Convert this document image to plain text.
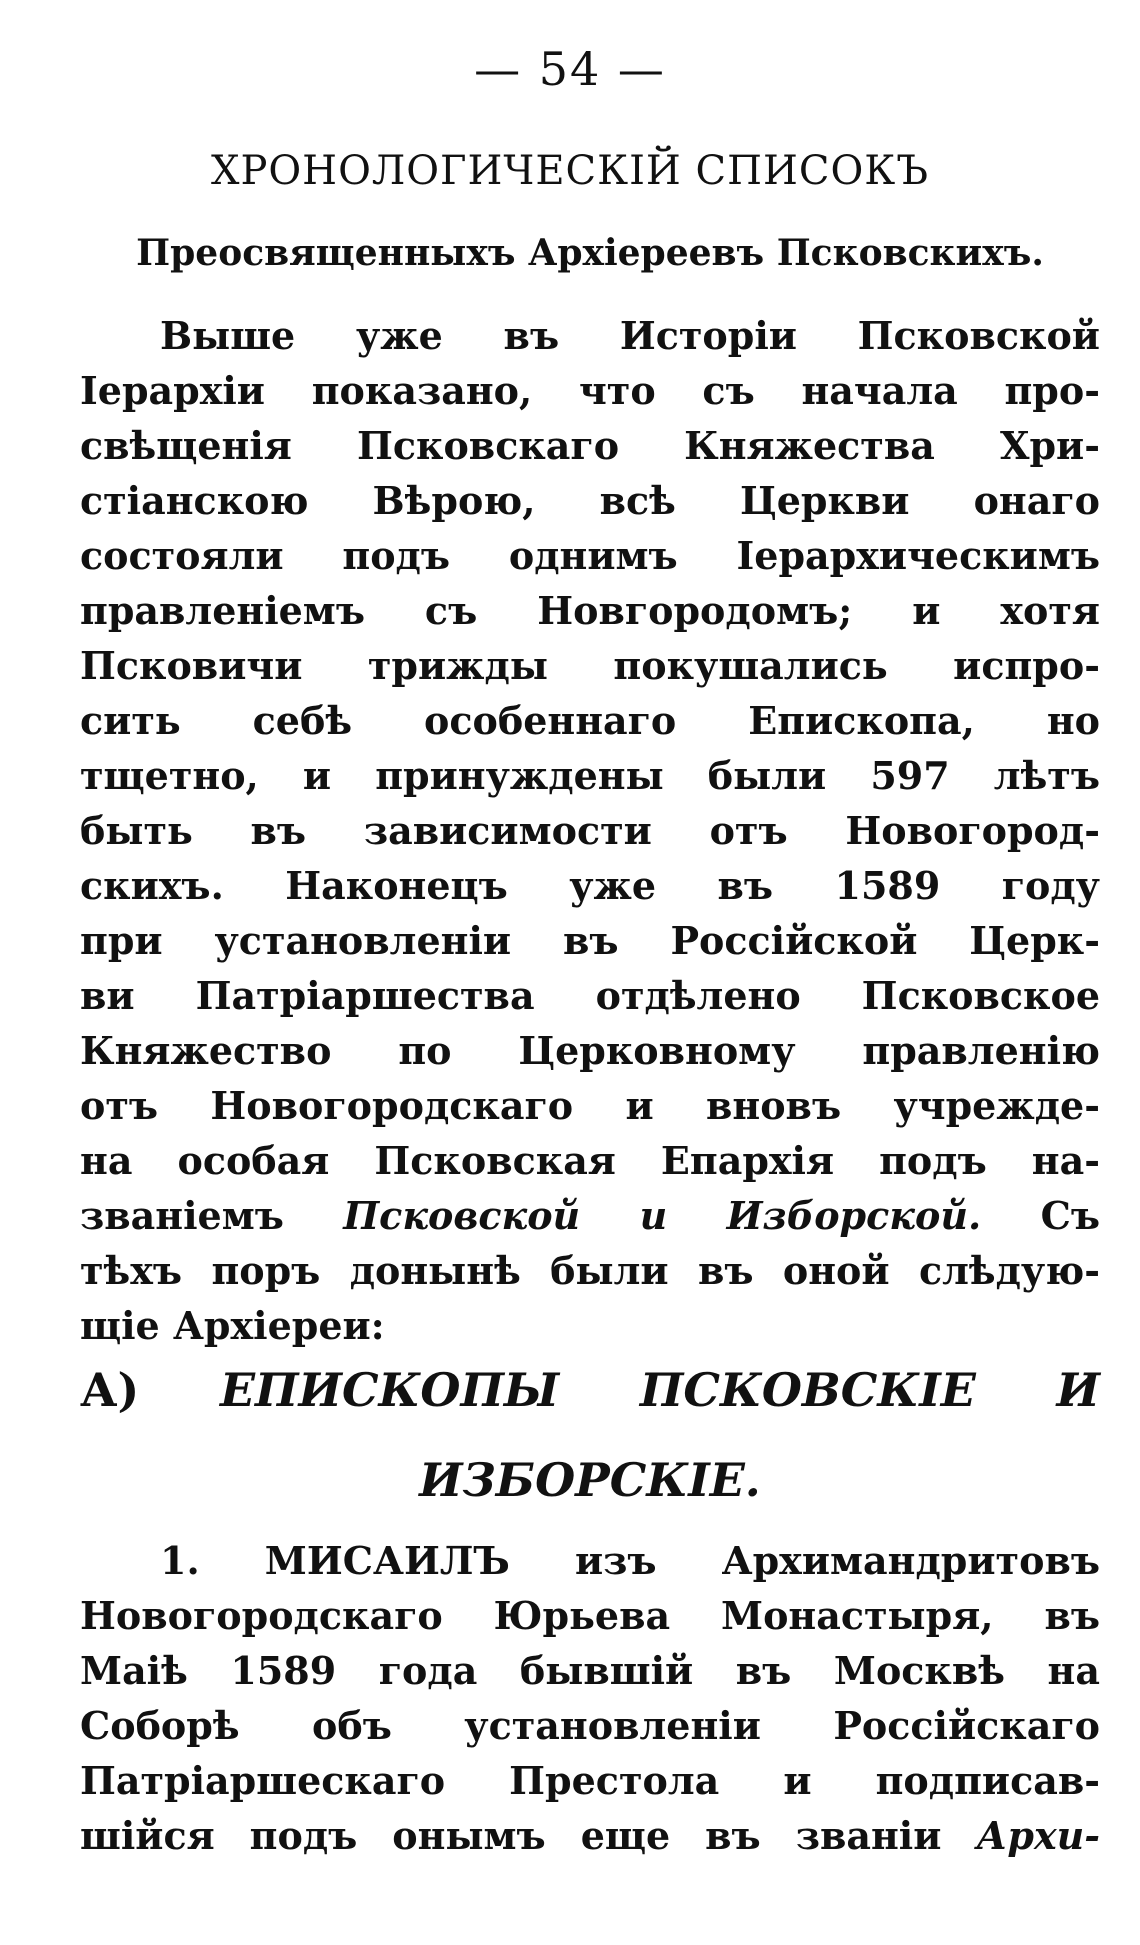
— 54 —
ХРОНОЛОГИЧЕСКІЙ СПИСОКЪ
Преосвященныхъ Архіереевъ Псковскихъ.
Выше уже въ Исторіи Псковской
Іерархіи показано, что съ начала про-
свѣщенія Псковскаго Княжества Хри-
стіанскою Вѣрою, всѣ Церкви онаго
состояли подъ однимъ Іерархическимъ
правленіемъ съ Новгородомъ; и хотя
Псковичи трижды покушались испро-
сить себѣ особеннаго Епископа, но
тщетно, и принуждены были 597 лѣтъ
быть въ зависимости отъ Новогород-
скихъ. Наконецъ уже въ 1589 году
при установленіи въ Россійской Церк-
ви Патріаршества отдѣлено Псковское
Княжество по Церковному правленію
отъ Новогородскаго и вновъ учрежде-
на особая Псковская Епархія подъ на-
званіемъ Псковской и Изборской. Съ
тѣхъ поръ донынѣ были въ оной слѣдую-
щіе Архіереи:
А) ЕПИСКОПЫ ПСКОВСКІЕ И
ИЗБОРСКІЕ.
1. МИСАИЛЪ изъ Архимандритовъ
Новогородскаго Юрьева Монастыря, въ
Маіѣ 1589 года бывшій въ Москвѣ на
Соборѣ объ установленіи Россійскаго
Патріаршескаго Престола и подписав-
шійся подъ онымъ еще въ званіи Архи-
